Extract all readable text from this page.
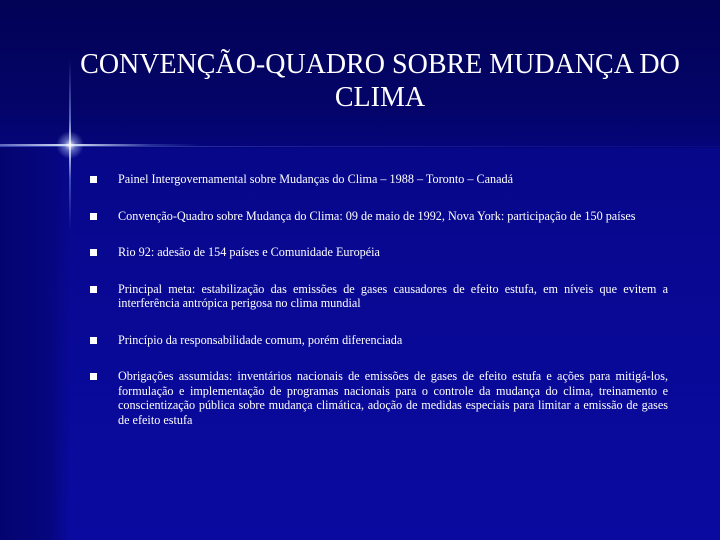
CONVENÇÃO-QUADRO SOBRE MUDANÇA DO CLIMA
Painel Intergovernamental sobre Mudanças do Clima – 1988 – Toronto – Canadá
Convenção-Quadro sobre Mudança do Clima: 09 de maio de 1992, Nova York: participação de 150 países
Rio 92: adesão de 154 países e Comunidade Européia
Principal meta: estabilização das emissões de gases causadores de efeito estufa, em níveis que evitem a interferência antrópica perigosa no clima mundial
Princípio da responsabilidade comum, porém diferenciada
Obrigações assumidas: inventários nacionais de emissões de gases de efeito estufa e ações para mitigá-los, formulação e implementação de programas nacionais para o controle da mudança do clima, treinamento e conscientização pública sobre mudança climática, adoção de medidas especiais para limitar a emissão de gases de efeito estufa
